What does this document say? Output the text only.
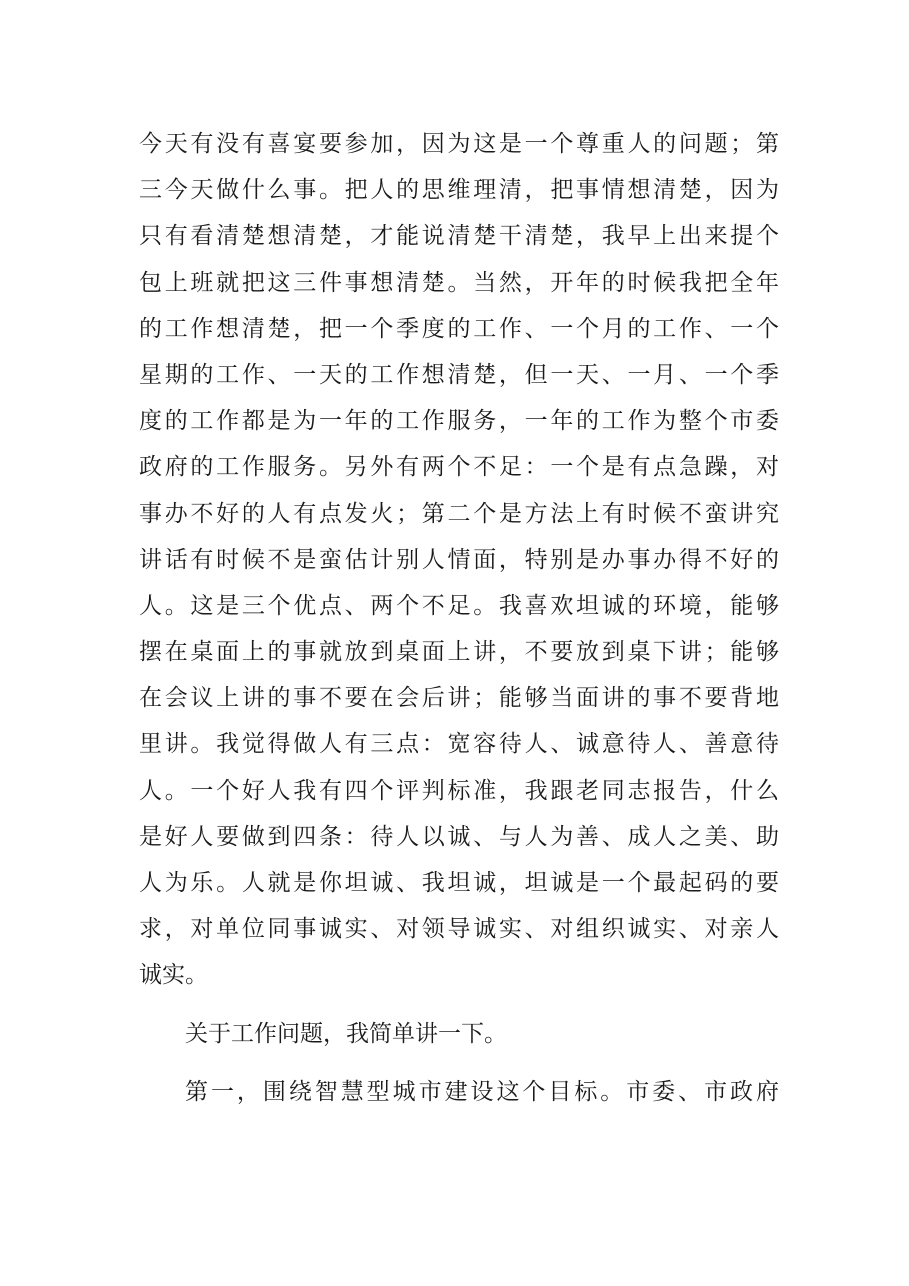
今天有没有喜宴要参加，因为这是一个尊重人的问题；第
三今天做什么事。把人的思维理清，把事情想清楚，因为
只有看清楚想清楚，才能说清楚干清楚，我早上出来提个
包上班就把这三件事想清楚。当然，开年的时候我把全年
的工作想清楚，把一个季度的工作、一个月的工作、一个
星期的工作、一天的工作想清楚，但一天、一月、一个季
度的工作都是为一年的工作服务，一年的工作为整个市委
政府的工作服务。另外有两个不足：一个是有点急躁，对
事办不好的人有点发火；第二个是方法上有时候不蛮讲究
讲话有时候不是蛮估计别人情面，特别是办事办得不好的
人。这是三个优点、两个不足。我喜欢坦诚的环境，能够
摆在桌面上的事就放到桌面上讲，不要放到桌下讲；能够
在会议上讲的事不要在会后讲；能够当面讲的事不要背地
里讲。我觉得做人有三点：宽容待人、诚意待人、善意待
人。一个好人我有四个评判标准，我跟老同志报告，什么
是好人要做到四条：待人以诚、与人为善、成人之美、助
人为乐。人就是你坦诚、我坦诚，坦诚是一个最起码的要
求，对单位同事诚实、对领导诚实、对组织诚实、对亲人
诚实。
关于工作问题，我简单讲一下。
第一，围绕智慧型城市建设这个目标。市委、市政府
